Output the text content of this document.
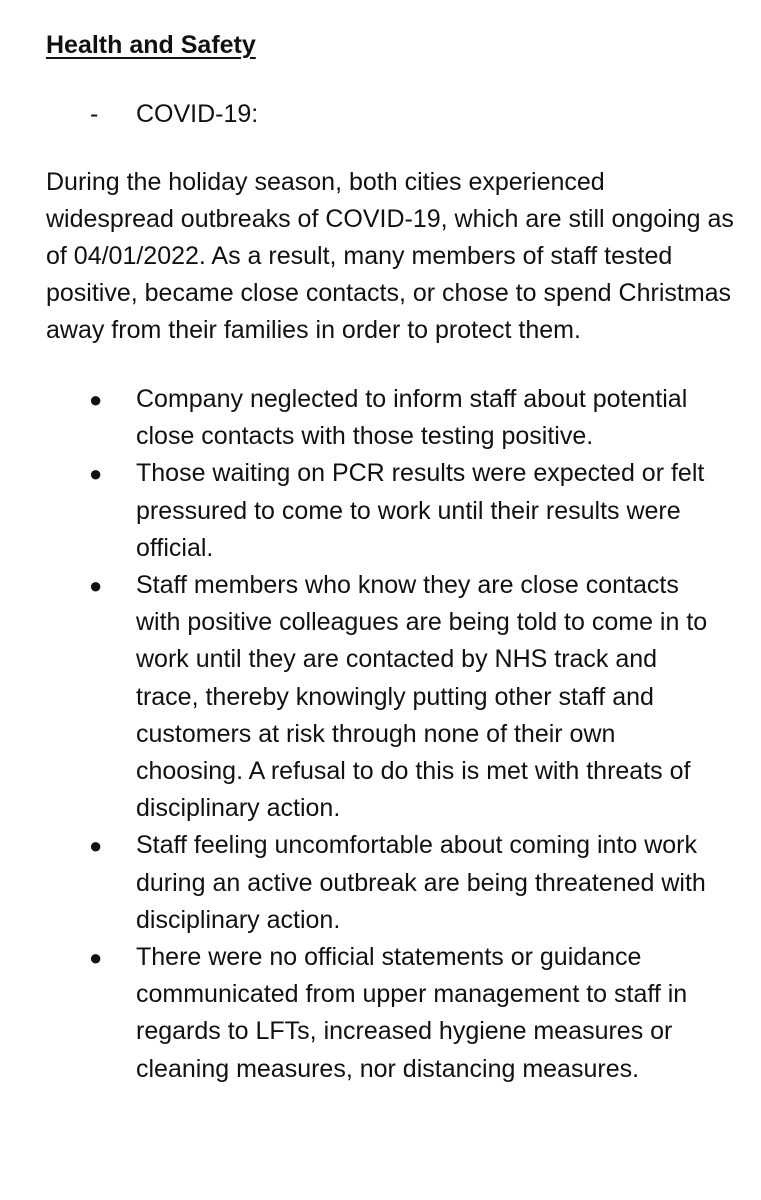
Health and Safety
-	COVID-19:

During the holiday season, both cities experienced widespread outbreaks of COVID-19, which are still ongoing as of 04/01/2022. As a result, many members of staff tested positive, became close contacts, or chose to spend Christmas away from their families in order to protect them.

●	Company neglected to inform staff about potential close contacts with those testing positive.
●	Those waiting on PCR results were expected or felt pressured to come to work until their results were official.
●	Staff members who know they are close contacts with positive colleagues are being told to come in to work until they are contacted by NHS track and trace, thereby knowingly putting other staff and customers at risk through none of their own choosing. A refusal to do this is met with threats of disciplinary action.
●	Staff feeling uncomfortable about coming into work during an active outbreak are being threatened with disciplinary action.
●	There were no official statements or guidance communicated from upper management to staff in regards to LFTs, increased hygiene measures or cleaning measures, nor distancing measures.
